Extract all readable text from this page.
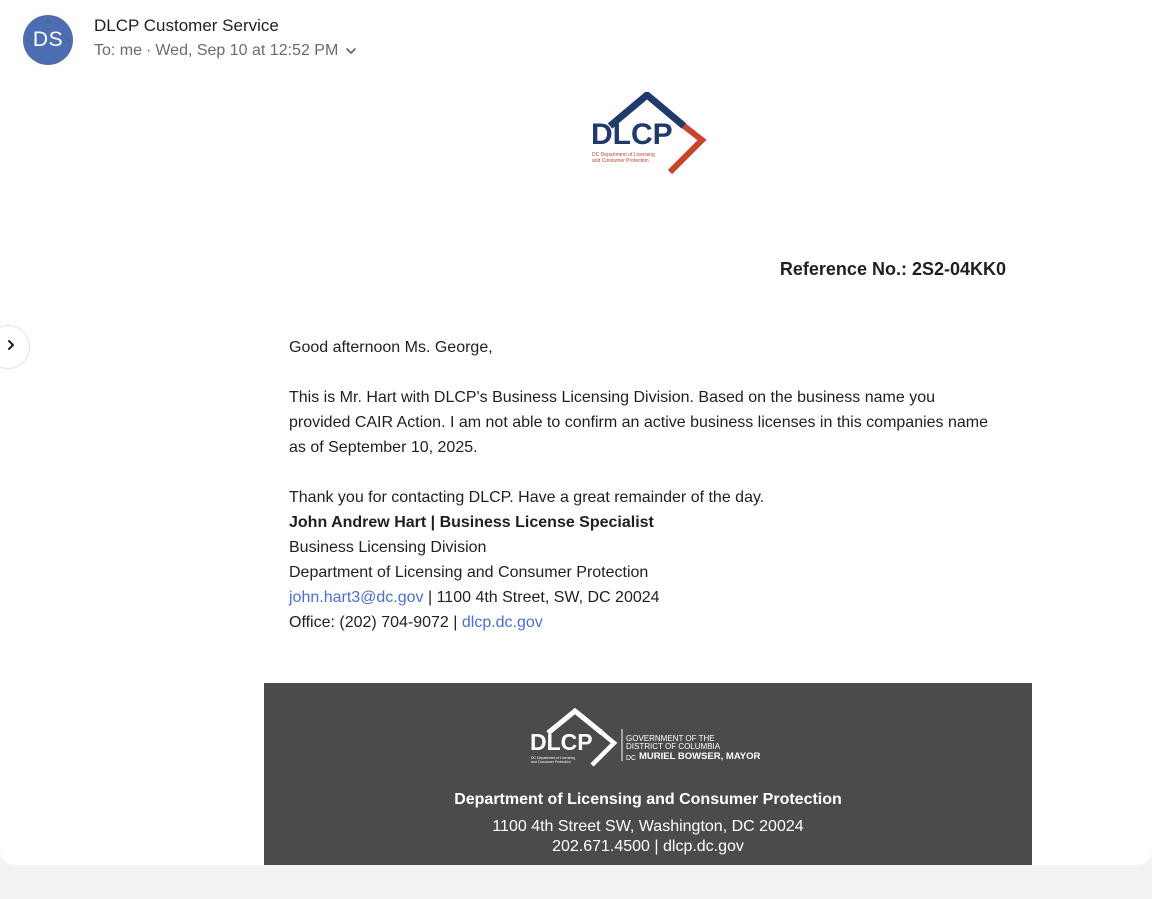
DS
DLCP Customer Service
To:
me · Wed, Sep 10 at 12:52 PM
DLCP
DC Department of Licensing
and Consumer Protection
Reference No.: 2S2-04KK0

Good afternoon Ms. George,

This is Mr. Hart with DLCP's Business Licensing Division. Based on the business name you provided CAIR Action. I am not able to confirm an active business licenses in this companies name as of September 10, 2025.

Thank you for contacting DLCP. Have a great remainder of the day.

John Andrew Hart | Business License Specialist

Business Licensing Division

Department of Licensing and Consumer Protection

john.hart3@dc.gov | 1100 4th Street, SW, DC 20024

Office: (202) 704-9072 | dlcp.dc.gov

DLCP
DC Department of Licensing
and Consumer Protection
GOVERNMENT OF THE
DISTRICT OF COLUMBIA
DC MURIEL BOWSER, MAYOR
Department of Licensing and Consumer Protection
1100 4th Street SW, Washington, DC 20024
202.671.4500 | dlcp.dc.gov
